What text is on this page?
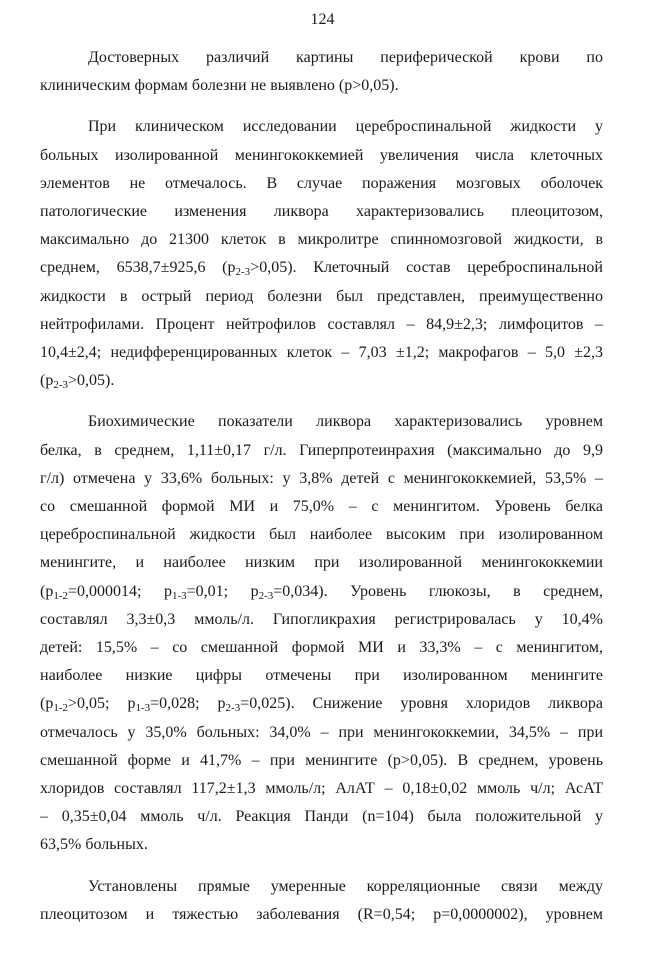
124
Достоверных различий картины периферической крови по
клиническим формам болезни не выявлено (р>0,05).
При клиническом исследовании цереброспинальной жидкости у
больных изолированной менингококкемией увеличения числа клеточных
элементов не отмечалось. В случае поражения мозговых оболочек
патологические изменения ликвора характеризовались плеоцитозом,
максимально до 21300 клеток в микролитре спинномозговой жидкости, в
среднем, 6538,7±925,6 $(р_{2-3}>0,05)$. Клеточный состав цереброспинальной
жидкости в острый период болезни был представлен, преимущественно
нейтрофилами. Процент нейтрофилов составлял – 84,9±2,3; лимфоцитов –
10,4±2,4; недифференцированных клеток – 7,03 ±1,2; макрофагов – 5,0 ±2,3
$(р_{2-3}>0,05)$.
Биохимические показатели ликвора характеризовались уровнем
белка, в среднем, 1,11±0,17 г/л. Гиперпротеинрахия (максимально до 9,9
г/л) отмечена у 33,6% больных: у 3,8% детей с менингококкемией, 53,5% –
со смешанной формой МИ и 75,0% – с менингитом. Уровень белка
цереброспинальной жидкости был наиболее высоким при изолированном
менингите, и наиболее низким при изолированной менингококкемии
($р_{1-2}=0,000014$; $р_{1-3}=0,01$; $р_{2-3}=0,034$). Уровень глюкозы, в среднем,
составлял 3,3±0,3 ммоль/л. Гипогликрахия регистрировалась у 10,4%
детей: 15,5% – со смешанной формой МИ и 33,3% – с менингитом,
наиболее низкие цифры отмечены при изолированном менингите
($р_{1-2}>0,05$; $р_{1-3}=0,028$; $р_{2-3}=0,025$). Снижение уровня хлоридов ликвора
отмечалось у 35,0% больных: 34,0% – при менингококкемии, 34,5% – при
смешанной форме и 41,7% – при менингите (р>0,05). В среднем, уровень
хлоридов составлял 117,2±1,3 ммоль/л; АлАТ – 0,18±0,02 ммоль ч/л; АсАТ
– 0,35±0,04 ммоль ч/л. Реакция Панди (n=104) была положительной у
63,5% больных.
Установлены прямые умеренные корреляционные связи между
плеоцитозом и тяжестью заболевания (R=0,54; р=0,0000002), уровнем
